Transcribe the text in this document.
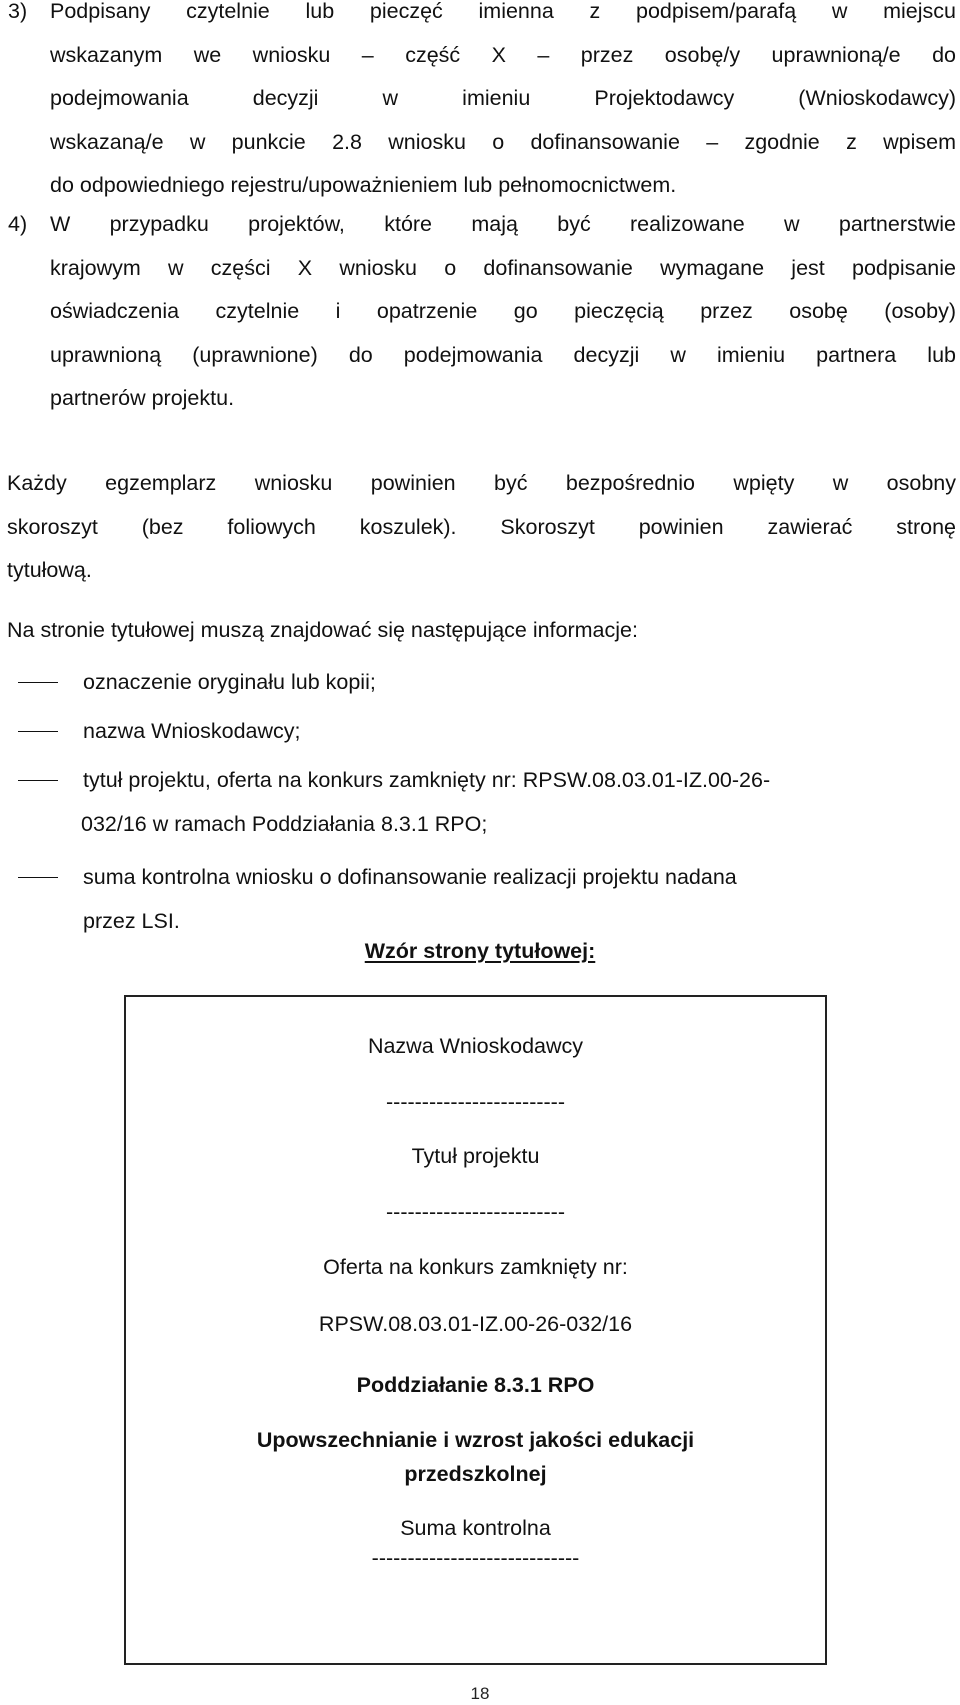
3)	Podpisany czytelnie lub pieczęć imienna z podpisem/parafą w miejscu
wskazanym we wniosku – część X – przez osobę/y uprawnioną/e do
podejmowania decyzji w imieniu Projektodawcy (Wnioskodawcy)
wskazaną/e w punkcie 2.8 wniosku o dofinansowanie – zgodnie z wpisem
do odpowiedniego rejestru/upoważnieniem lub pełnomocnictwem.
4)	W przypadku projektów, które mają być realizowane w partnerstwie
krajowym w części X wniosku o dofinansowanie wymagane jest podpisanie
oświadczenia czytelnie i opatrzenie go pieczęcią przez osobę (osoby)
uprawnioną (uprawnione) do podejmowania decyzji w imieniu partnera lub
partnerów projektu.
Każdy egzemplarz wniosku powinien być bezpośrednio wpięty w osobny
skoroszyt (bez foliowych koszulek). Skoroszyt powinien zawierać stronę
tytułową.
Na stronie tytułowej muszą znajdować się następujące informacje:
oznaczenie oryginału lub kopii;
nazwa Wnioskodawcy;
tytuł projektu, oferta na konkurs zamknięty nr: RPSW.08.03.01-IZ.00-26-
032/16 w ramach Poddziałania 8.3.1 RPO;
suma kontrolna wniosku o dofinansowanie realizacji projektu nadana
przez LSI.
Wzór strony tytułowej:
Nazwa Wnioskodawcy
-------------------------
Tytuł projektu
-------------------------
Oferta na konkurs zamknięty nr:
RPSW.08.03.01-IZ.00-26-032/16
Poddziałanie 8.3.1 RPO
Upowszechnianie i wzrost jakości edukacji
przedszkolnej
Suma kontrolna
-----------------------------
18
